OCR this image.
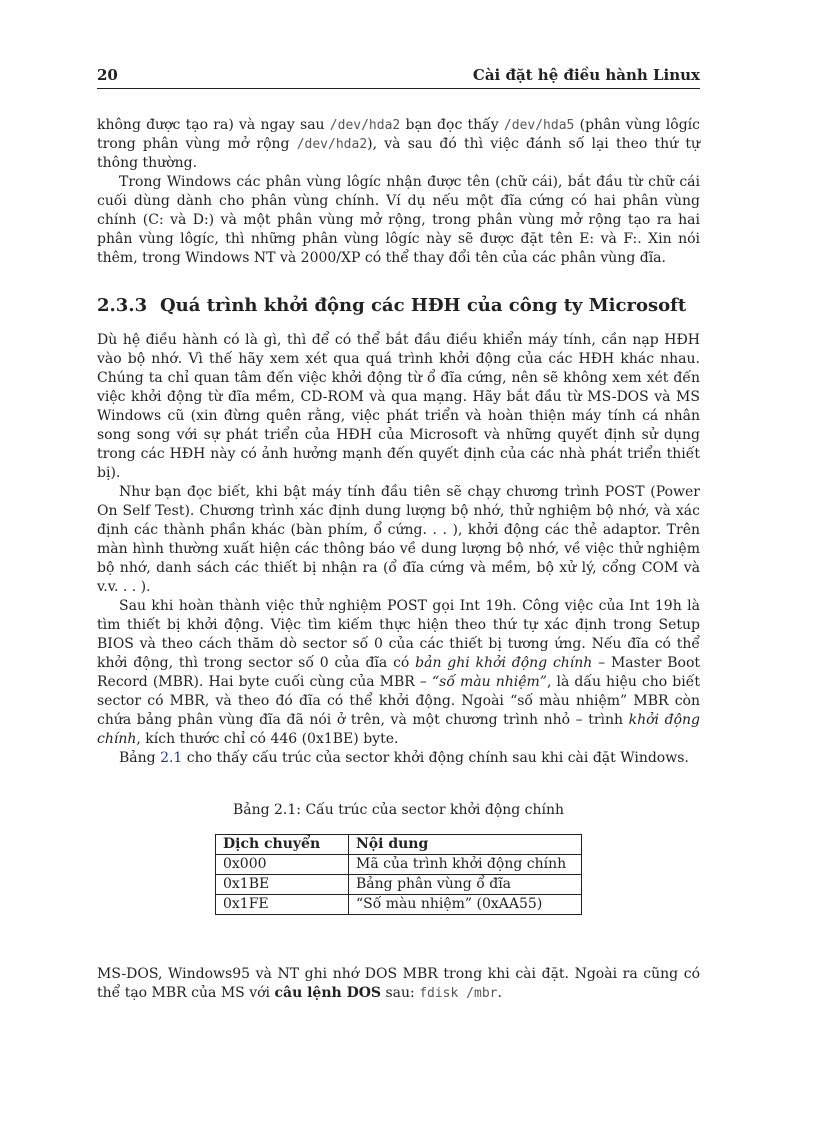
20	Cài đặt hệ điều hành Linux

không được tạo ra) và ngay sau /dev/hda2 bạn đọc thấy /dev/hda5 (phân vùng lôgíc trong phân vùng mở rộng /dev/hda2), và sau đó thì việc đánh số lại theo thứ tự thông thường.

Trong Windows các phân vùng lôgíc nhận được tên (chữ cái), bắt đầu từ chữ cái cuối dùng dành cho phân vùng chính. Ví dụ nếu một đĩa cứng có hai phân vùng chính (C: và D:) và một phân vùng mở rộng, trong phân vùng mở rộng tạo ra hai phân vùng lôgíc, thì những phân vùng lôgíc này sẽ được đặt tên E: và F:. Xin nói thêm, trong Windows NT và 2000/XP có thể thay đổi tên của các phân vùng đĩa.

2.3.3 Quá trình khởi động các HĐH của công ty Microsoft

Dù hệ điều hành có là gì, thì để có thể bắt đầu điều khiển máy tính, cần nạp HĐH vào bộ nhớ. Vì thế hãy xem xét qua quá trình khởi động của các HĐH khác nhau. Chúng ta chỉ quan tâm đến việc khởi động từ ổ đĩa cứng, nên sẽ không xem xét đến việc khởi động từ đĩa mềm, CD-ROM và qua mạng. Hãy bắt đầu từ MS-DOS và MS Windows cũ (xin đừng quên rằng, việc phát triển và hoàn thiện máy tính cá nhân song song với sự phát triển của HĐH của Microsoft và những quyết định sử dụng trong các HĐH này có ảnh hưởng mạnh đến quyết định của các nhà phát triển thiết bị).

Như bạn đọc biết, khi bật máy tính đầu tiên sẽ chạy chương trình POST (Power On Self Test). Chương trình xác định dung lượng bộ nhớ, thử nghiệm bộ nhớ, và xác định các thành phần khác (bàn phím, ổ cứng. . . ), khởi động các thẻ adaptor. Trên màn hình thường xuất hiện các thông báo về dung lượng bộ nhớ, về việc thử nghiệm bộ nhớ, danh sách các thiết bị nhận ra (ổ đĩa cứng và mềm, bộ xử lý, cổng COM và v.v. . . ).

Sau khi hoàn thành việc thử nghiệm POST gọi Int 19h. Công việc của Int 19h là tìm thiết bị khởi động. Việc tìm kiếm thực hiện theo thứ tự xác định trong Setup BIOS và theo cách thăm dò sector số 0 của các thiết bị tương ứng. Nếu đĩa có thể khởi động, thì trong sector số 0 của đĩa có bản ghi khởi động chính – Master Boot Record (MBR). Hai byte cuối cùng của MBR – “số màu nhiệm”, là dấu hiệu cho biết sector có MBR, và theo đó đĩa có thể khởi động. Ngoài “số màu nhiệm” MBR còn chứa bảng phân vùng đĩa đã nói ở trên, và một chương trình nhỏ – trình khởi động chính, kích thước chỉ có 446 (0x1BE) byte.

Bảng 2.1 cho thấy cấu trúc của sector khởi động chính sau khi cài đặt Windows.

Bảng 2.1: Cấu trúc của sector khởi động chính
Dịch chuyển	Nội dung
0x000	Mã của trình khởi động chính
0x1BE	Bảng phân vùng ổ đĩa
0x1FE	“Số màu nhiệm” (0xAA55)

MS-DOS, Windows95 và NT ghi nhớ DOS MBR trong khi cài đặt. Ngoài ra cũng có thể tạo MBR của MS với câu lệnh DOS sau: fdisk /mbr.
